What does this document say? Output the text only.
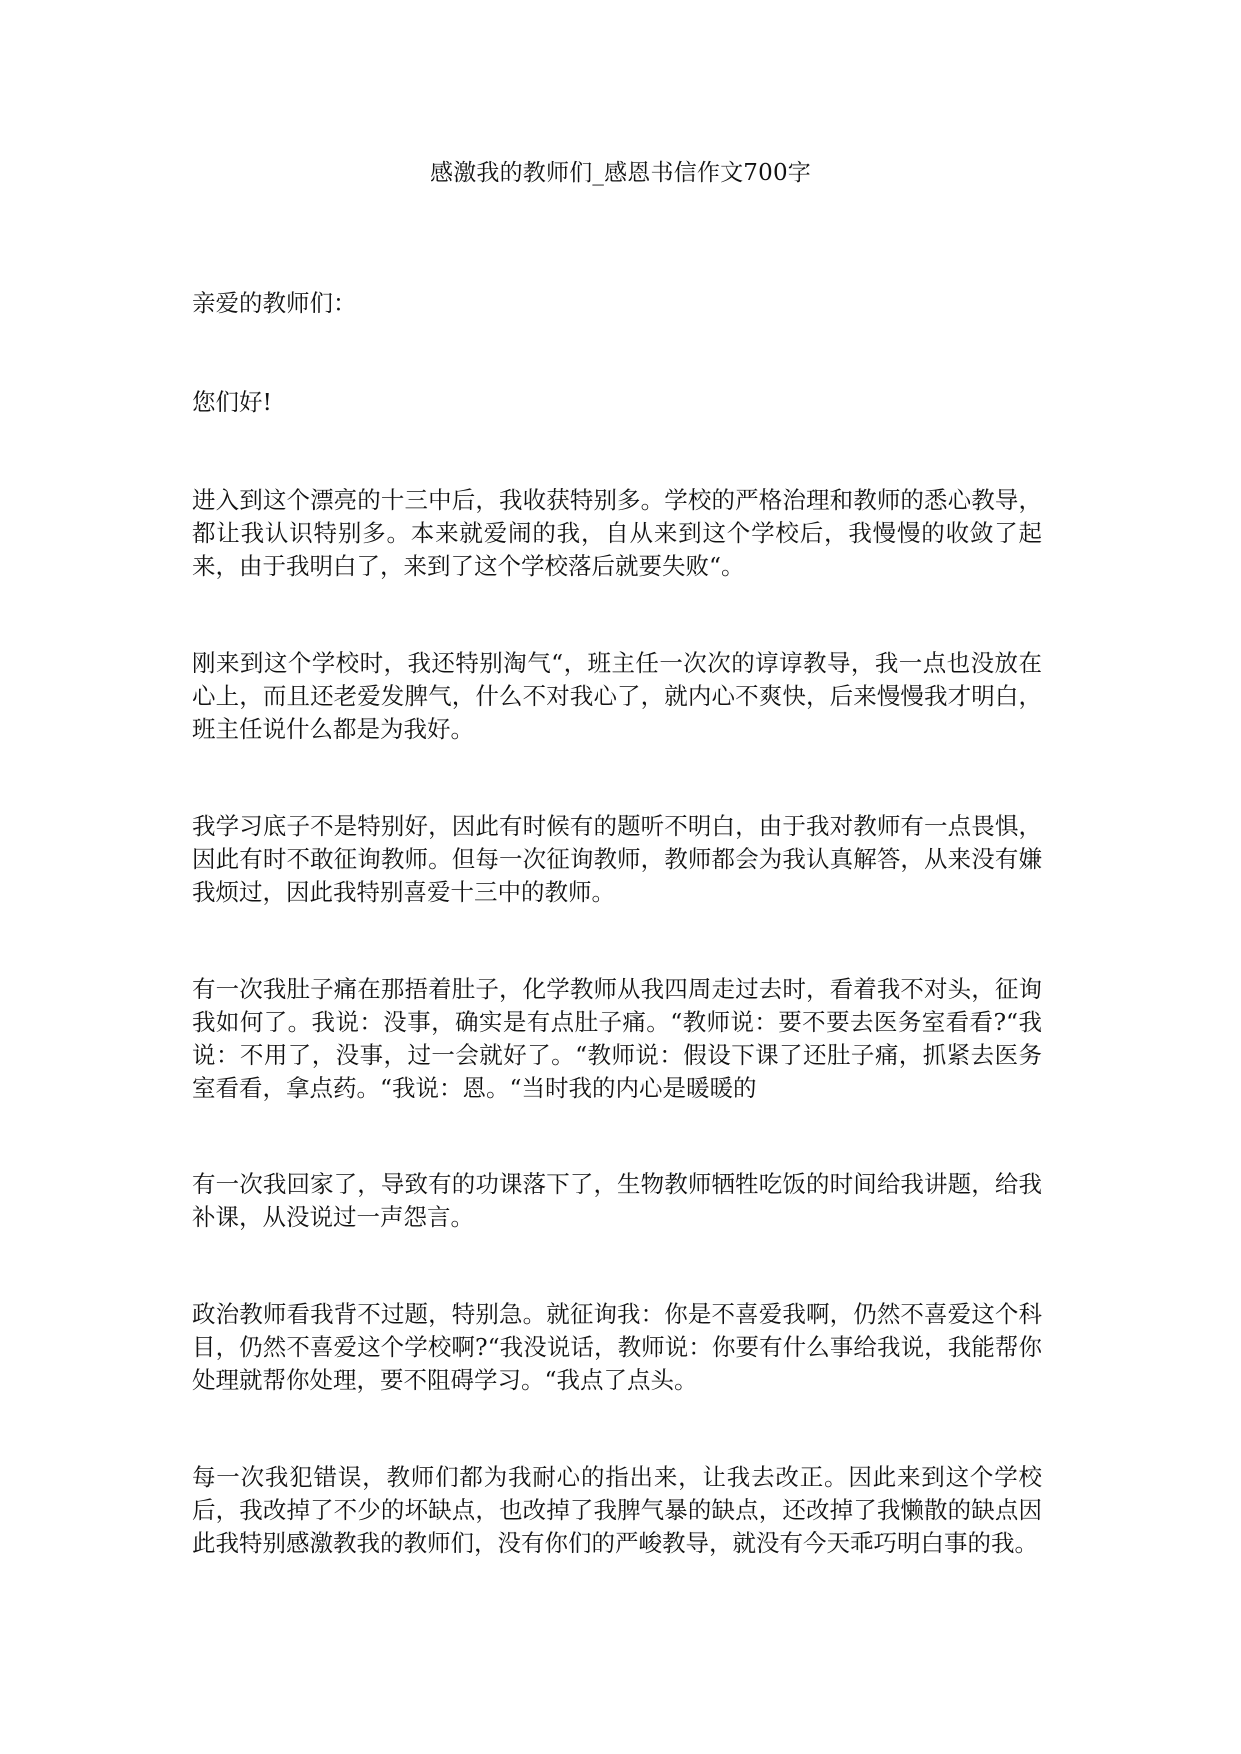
感激我的教师们_感恩书信作文700字

亲爱的教师们：

您们好!

进入到这个漂亮的十三中后，我收获特别多。学校的严格治理和教师的悉心教导，都让我认识特别多。本来就爱闹的我，自从来到这个学校后，我慢慢的收敛了起来，由于我明白了，来到了这个学校落后就要失败“。

刚来到这个学校时，我还特别淘气“，班主任一次次的谆谆教导，我一点也没放在心上，而且还老爱发脾气，什么不对我心了，就内心不爽快，后来慢慢我才明白，班主任说什么都是为我好。

我学习底子不是特别好，因此有时候有的题听不明白，由于我对教师有一点畏惧，因此有时不敢征询教师。但每一次征询教师，教师都会为我认真解答，从来没有嫌我烦过，因此我特别喜爱十三中的教师。

有一次我肚子痛在那捂着肚子，化学教师从我四周走过去时，看着我不对头，征询我如何了。我说：没事，确实是有点肚子痛。“教师说：要不要去医务室看看?“我说：不用了，没事，过一会就好了。“教师说：假设下课了还肚子痛，抓紧去医务室看看，拿点药。“我说：恩。“当时我的内心是暖暖的

有一次我回家了，导致有的功课落下了，生物教师牺牲吃饭的时间给我讲题，给我补课，从没说过一声怨言。

政治教师看我背不过题，特别急。就征询我：你是不喜爱我啊，仍然不喜爱这个科目，仍然不喜爱这个学校啊?“我没说话，教师说：你要有什么事给我说，我能帮你处理就帮你处理，要不阻碍学习。“我点了点头。

每一次我犯错误，教师们都为我耐心的指出来，让我去改正。因此来到这个学校后，我改掉了不少的坏缺点，也改掉了我脾气暴的缺点，还改掉了我懒散的缺点因此我特别感激教我的教师们，没有你们的严峻教导，就没有今天乖巧明白事的我。
